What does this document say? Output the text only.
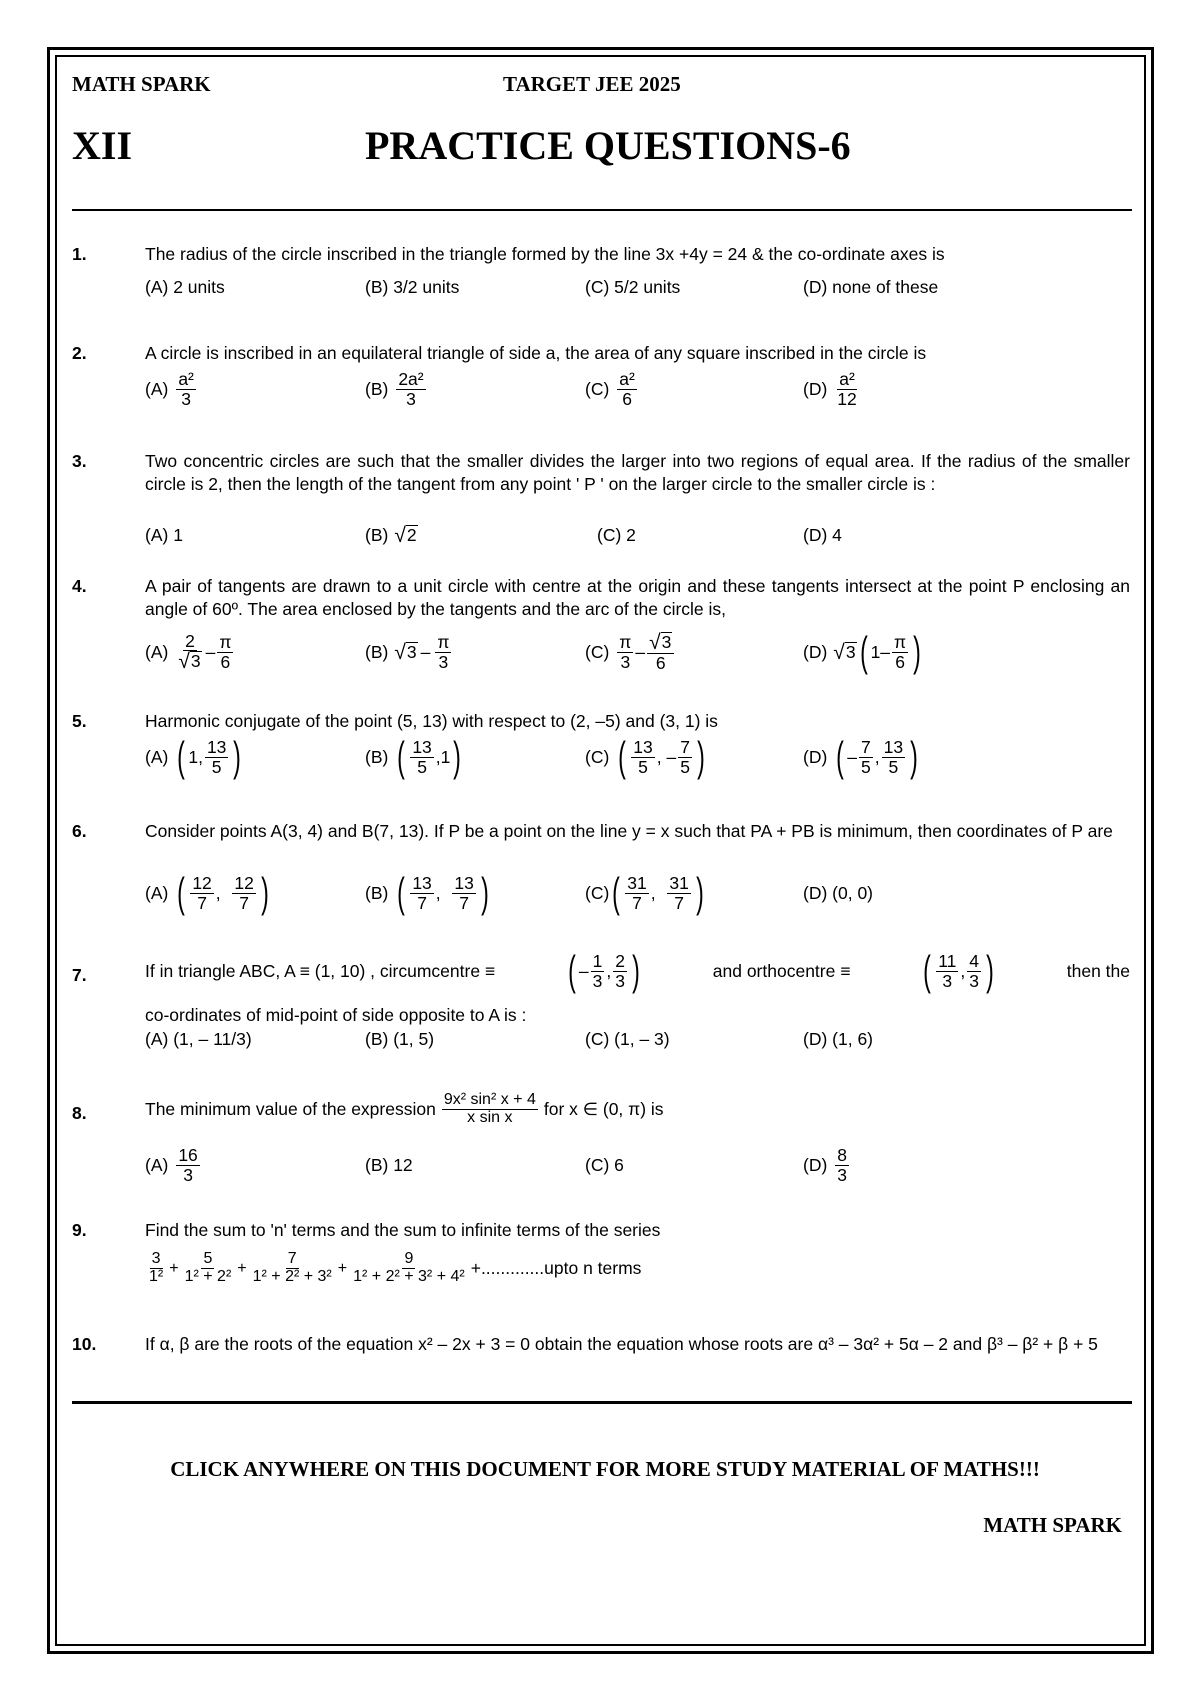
MATH SPARK	TARGET JEE 2025
XII	PRACTICE QUESTIONS-6
1.	The radius of the circle inscribed in the triangle formed by the line 3x +4y = 24 & the co-ordinate axes is
(A) 2 units	(B) 3/2 units	(C) 5/2 units	(D) none of these
2.	A circle is inscribed in an equilateral triangle of side a, the area of any square inscribed in the circle is
$(A) \frac{\text{a²}}{3}$	$(B) \frac{\text{2a²}}{3}$	$(C) \frac{\text{a²}}{6}$	$(D) \frac{\text{a²}}{12}$
3.	Two concentric circles are such that the smaller divides the larger into two regions of equal area. If the radius of the smaller circle is 2, then the length of the tangent from any point ' P ' on the larger circle to the smaller circle is :
(A) 1	(B) √ 2	(C) 2	(D) 4
4.	A pair of tangents are drawn to a unit circle with centre at the origin and these tangents intersect at the point P enclosing an angle of 60º. The area enclosed by the tangents and the arc of the circle is,
$(A) \frac{2}{√ 3} - \frac{\pi}{6}$	(B) √ $3 - \frac{\pi}{3}$	$(C) \frac{\pi}{3} - \frac{√ 3}{6}$	(D) √ 3 ( $1 - \frac{\pi}{6}$ )
5.	Harmonic conjugate of the point (5, 13) with respect to (2, –5) and (3, 1) is
(A) ( 1 , $\frac{13}{5}$ )	(B) ( $\frac{13}{5}$ , 1 )	(C) ( $\frac{13}{5}$ , – $\frac{7}{5}$ )	(D) ( – $\frac{7}{5}$ , $\frac{13}{5}$ )
6.	Consider points A(3, 4) and B(7, 13). If P be a point on the line y = x such that PA + PB is minimum, then coordinates of P are
(A) ( $\frac{12}{7}$ , $\frac{12}{7}$ )	(B) ( $\frac{13}{7}$ , $\frac{13}{7}$ )	(C) ( $\frac{31}{7}$ , $\frac{31}{7}$ )	(D) (0, 0)
7.	If in triangle ABC, A ≡ (1, 10) , circumcentre ≡ ( – $\frac{1}{3}$ , $\frac{2}{3}$ )	and orthocentre ≡ ( $\frac{11}{3}$ , $\frac{4}{3}$ )	then the
co-ordinates of mid-point of side opposite to A is :
(A) (1, – 11/3)	(B) (1, 5)	(C) (1, – 3)	(D) (1, 6)
8.	The minimum value of the expression $\frac{\text{9x² sin² x + 4}}{\text{x sin x}}$ for x ∈ (0, π) is
$(A) \frac{16}{3}$	(B) 12	(C) 6	$(D) \frac{8}{3}$
9.	Find the sum to 'n' terms and the sum to infinite terms of the series
$\frac{3}{\text{1²}} + \frac{5}{\text{1² + 2²}} + \frac{7}{\text{1² + 2² + 3²}} + \frac{9}{\text{1² + 2² + 3² + 4²}}$ +.............upto n terms
10.	If α, β are the roots of the equation x² – 2x + 3 = 0 obtain the equation whose roots are α³ – 3α² + 5α – 2 and β³ – β² + β + 5
CLICK ANYWHERE ON THIS DOCUMENT FOR MORE STUDY MATERIAL OF MATHS!!!
MATH SPARK
